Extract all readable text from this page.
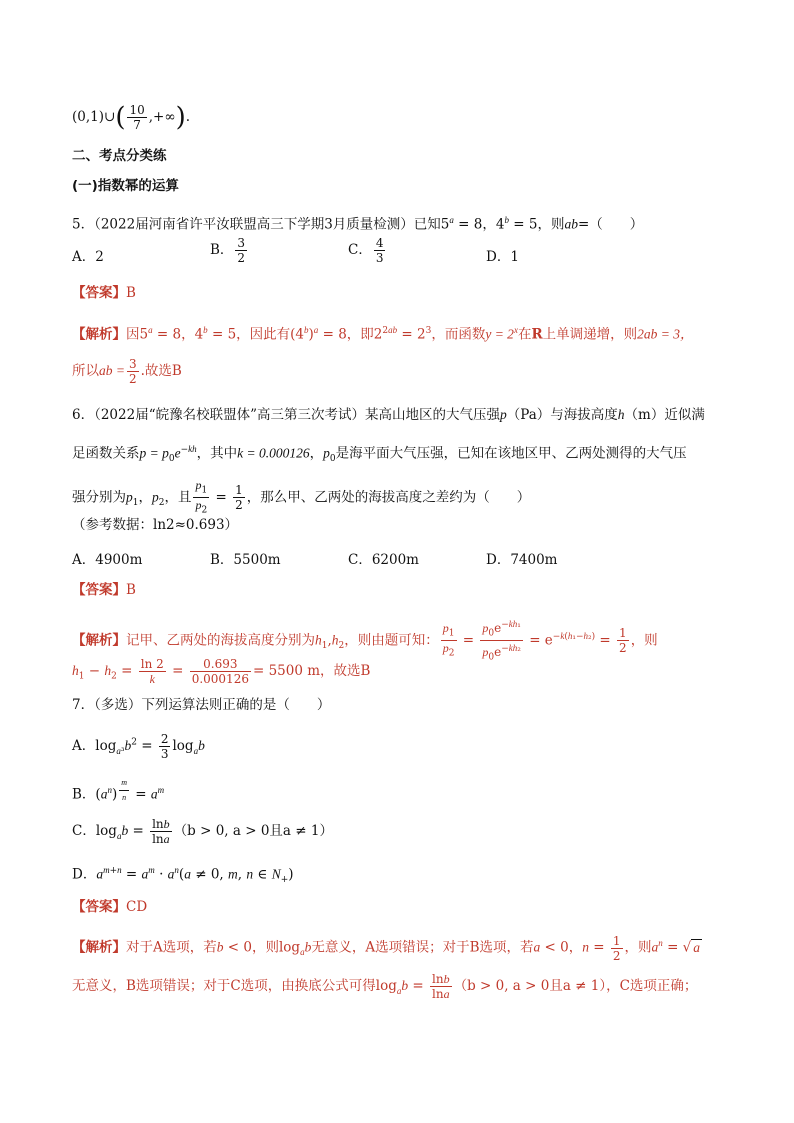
(0,1)∪( $\frac{10}{7}$ ,+∞).
二、考点分类练
(一)指数幂的运算
5．（2022届河南省许平汝联盟高三下学期3月质量检测）已知$5^a = 8$，$4^b = 5$，则ab=（　　）
A．2	B． $\frac{3}{2}$	C． $\frac{4}{3}$	D．1
【答案】B
【解析】因$5^a = 8$，$4^b = 5$，因此有$(4^b)^a = 8$，即$2^{2ab} = 2^3$，而函数$y = 2^x$在R上单调递增，则2ab = 3，
所以ab = $\frac{3}{2}$ .故选B
6．（2022届“皖豫名校联盟体”高三第三次考试）某高山地区的大气压强p（Pa）与海拔高度h（m）近似满
足函数关系$p = p_0e^{-kh}$，其中k = 0.000126，$p_0$是海平面大气压强，已知在该地区甲、乙两处测得的大气压
强分别为$p_1$，$p_2$，且 $\frac{p_1}{p_2} = \frac{1}{2}$ ，那么甲、乙两处的海拔高度之差约为（　　）
（参考数据：ln2≈0.693）
A．4900m	B．5500m	C．6200m	D．7400m
【答案】B
【解析】记甲、乙两处的海拔高度分别为$h_1,h_2$，则由题可知： $\frac{p_1}{p_2} = \frac{p_0e^{-kh_1}}{p_0e^{-kh_2}} = e^{-k(h_1-h_2)} = \frac{1}{2}$ ，则
$h_1 - h_2 = \frac{\ln 2}{k} = \frac{0.693}{0.000126} = 5500$ m，故选B
7．（多选）下列运算法则正确的是（　　）
A．$\log_{a^3}b^2 = \frac{2}{3} \log_ab$
B．$(a^n) ^{\frac{m}{n}} = a^m$
C．$\log_ab = \frac{\ln b}{\ln a} (b > 0$, a > 0且a ≠ 1）
D．$a^{m+n} = a^m \cdot a^n(a \ne 0$, m, n ∈ $N_+$)
【答案】CD
【解析】对于A选项，若b < 0，则$\log_ab$无意义，A选项错误；对于B选项，若a < 0，$n = \frac{1}{2}$ ，则$a^n$ = √ a
无意义，B选项错误；对于C选项，由换底公式可得$\log_ab = \frac{\ln b}{\ln a} (b > 0$, a > 0且a ≠ 1），C选项正确；
